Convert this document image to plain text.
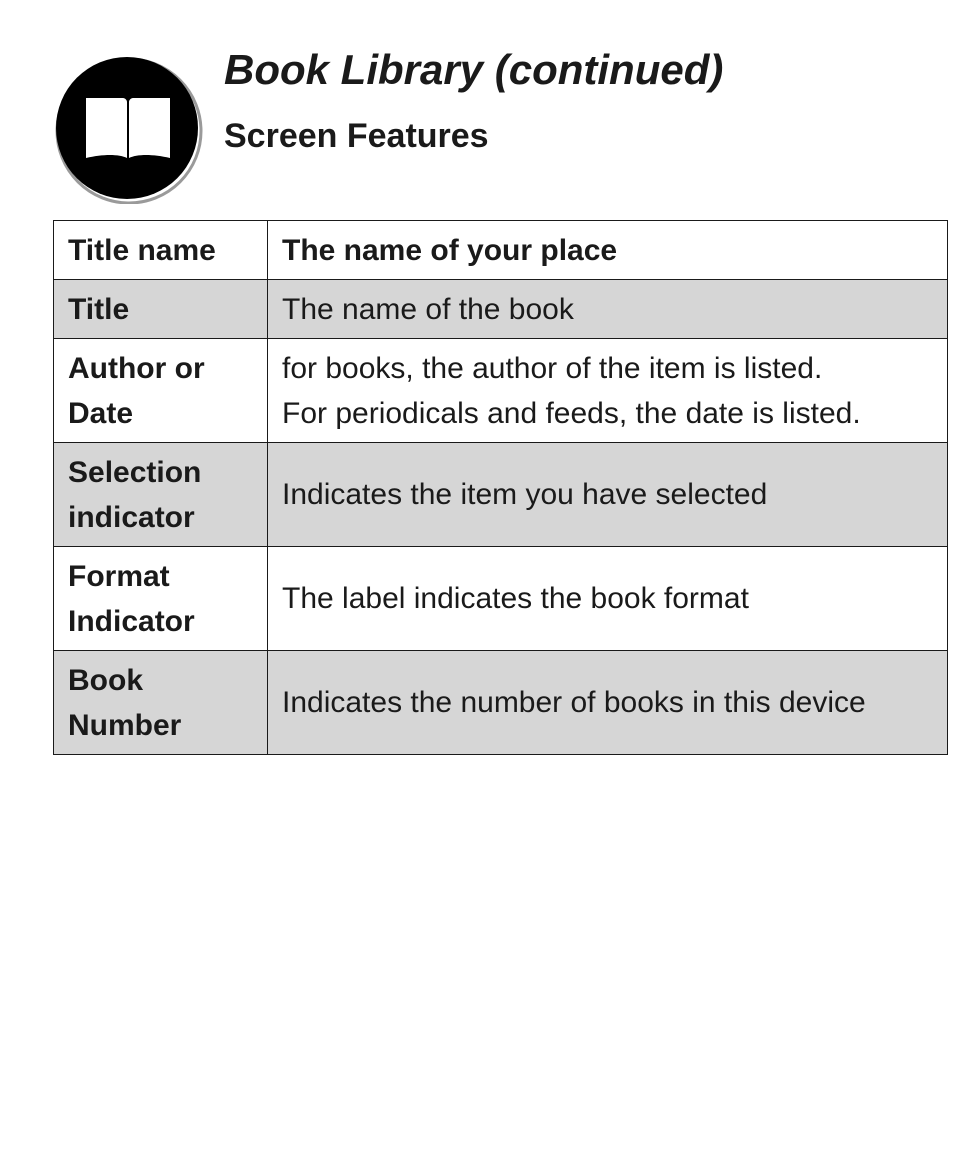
Book Library (continued)
Screen Features
Title name	The name of your place
Title	The name of the book

Author or
Date	for books, the author of the item is listed.
For periodicals and feeds, the date is listed.

Selection
indicator	Indicates the item you have selected

Format
Indicator	The label indicates the book format

Book
Number	Indicates the number of books in this device
